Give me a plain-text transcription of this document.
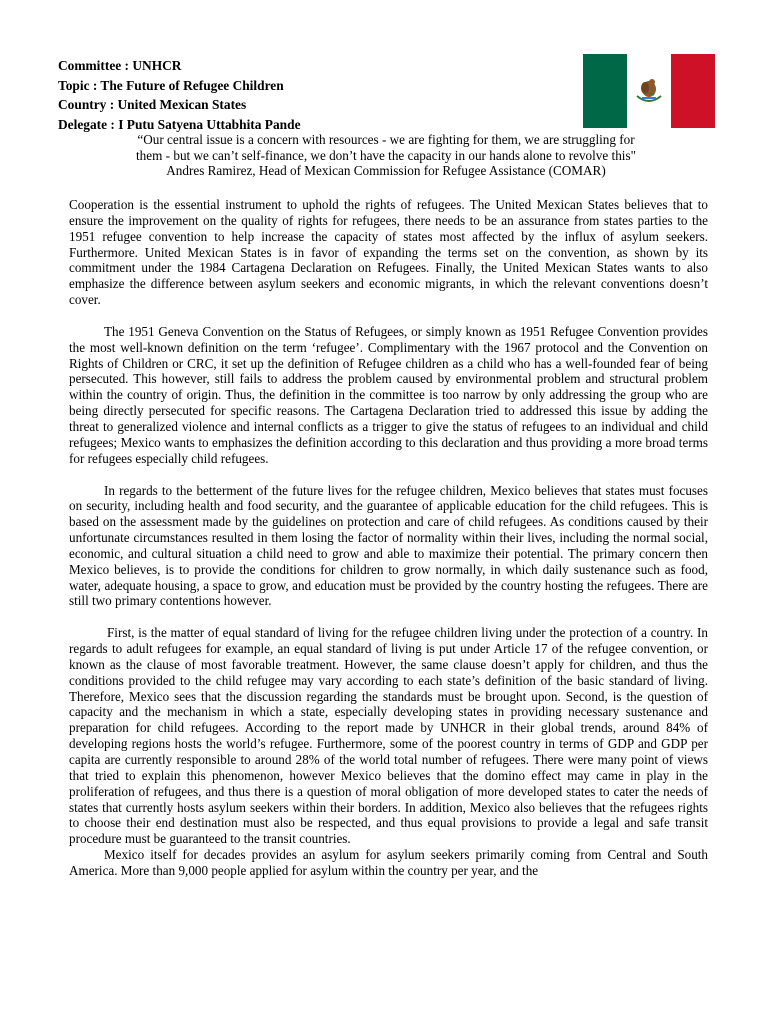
Committee : UNHCR
Topic : The Future of Refugee Children
Country : United Mexican States
Delegate : I Putu Satyena Uttabhita Pande
“Our central issue is a concern with resources - we are fighting for them, we are struggling for
them - but we can’t self-finance, we don’t have the capacity in our hands alone to revolve this"
Andres Ramirez, Head of Mexican Commission for Refugee Assistance (COMAR)

Cooperation is the essential instrument to uphold the rights of refugees. The United Mexican States believes that to ensure the improvement on the quality of rights for refugees, there needs to be an assurance from states parties to the 1951 refugee convention to help increase the capacity of states most affected by the influx of asylum seekers. Furthermore. United Mexican States is in favor of expanding the terms set on the convention, as shown by its commitment under the 1984 Cartagena Declaration on Refugees. Finally, the United Mexican States wants to also emphasize the difference between asylum seekers and economic migrants, in which the relevant conventions doesn’t cover.

The 1951 Geneva Convention on the Status of Refugees, or simply known as 1951 Refugee Convention provides the most well-known definition on the term ‘refugee’. Complimentary with the 1967 protocol and the Convention on Rights of Children or CRC, it set up the definition of Refugee children as a child who has a well-founded fear of being persecuted. This however, still fails to address the problem caused by environmental problem and structural problem within the country of origin. Thus, the definition in the committee is too narrow by only addressing the group who are being directly persecuted for specific reasons. The Cartagena Declaration tried to addressed this issue by adding the threat to generalized violence and internal conflicts as a trigger to give the status of refugees to an individual and child refugees; Mexico wants to emphasizes the definition according to this declaration and thus providing a more broad terms for refugees especially child refugees.

In regards to the betterment of the future lives for the refugee children, Mexico believes that states must focuses on security, including health and food security, and the guarantee of applicable education for the child refugees. This is based on the assessment made by the guidelines on protection and care of child refugees. As conditions caused by their unfortunate circumstances resulted in them losing the factor of normality within their lives, including the normal social, economic, and cultural situation a child need to grow and able to maximize their potential. The primary concern then Mexico believes, is to provide the conditions for children to grow normally, in which daily sustenance such as food, water, adequate housing, a space to grow, and education must be provided by the country hosting the refugees. There are still two primary contentions however.

First, is the matter of equal standard of living for the refugee children living under the protection of a country. In regards to adult refugees for example, an equal standard of living is put under Article 17 of the refugee convention, or known as the clause of most favorable treatment. However, the same clause doesn’t apply for children, and thus the conditions provided to the child refugee may vary according to each state’s definition of the basic standard of living. Therefore, Mexico sees that the discussion regarding the standards must be brought upon. Second, is the question of capacity and the mechanism in which a state, especially developing states in providing necessary sustenance and preparation for child refugees. According to the report made by UNHCR in their global trends, around 84% of developing regions hosts the world’s refugee. Furthermore, some of the poorest country in terms of GDP and GDP per capita are currently responsible to around 28% of the world total number of refugees. There were many point of views that tried to explain this phenomenon, however Mexico believes that the domino effect may came in play in the proliferation of refugees, and thus there is a question of moral obligation of more developed states to cater the needs of states that currently hosts asylum seekers within their borders. In addition, Mexico also believes that the refugees rights to choose their end destination must also be respected, and thus equal provisions to provide a legal and safe transit procedure must be guaranteed to the transit countries.

Mexico itself for decades provides an asylum for asylum seekers primarily coming from Central and South America. More than 9,000 people applied for asylum within the country per year, and the
